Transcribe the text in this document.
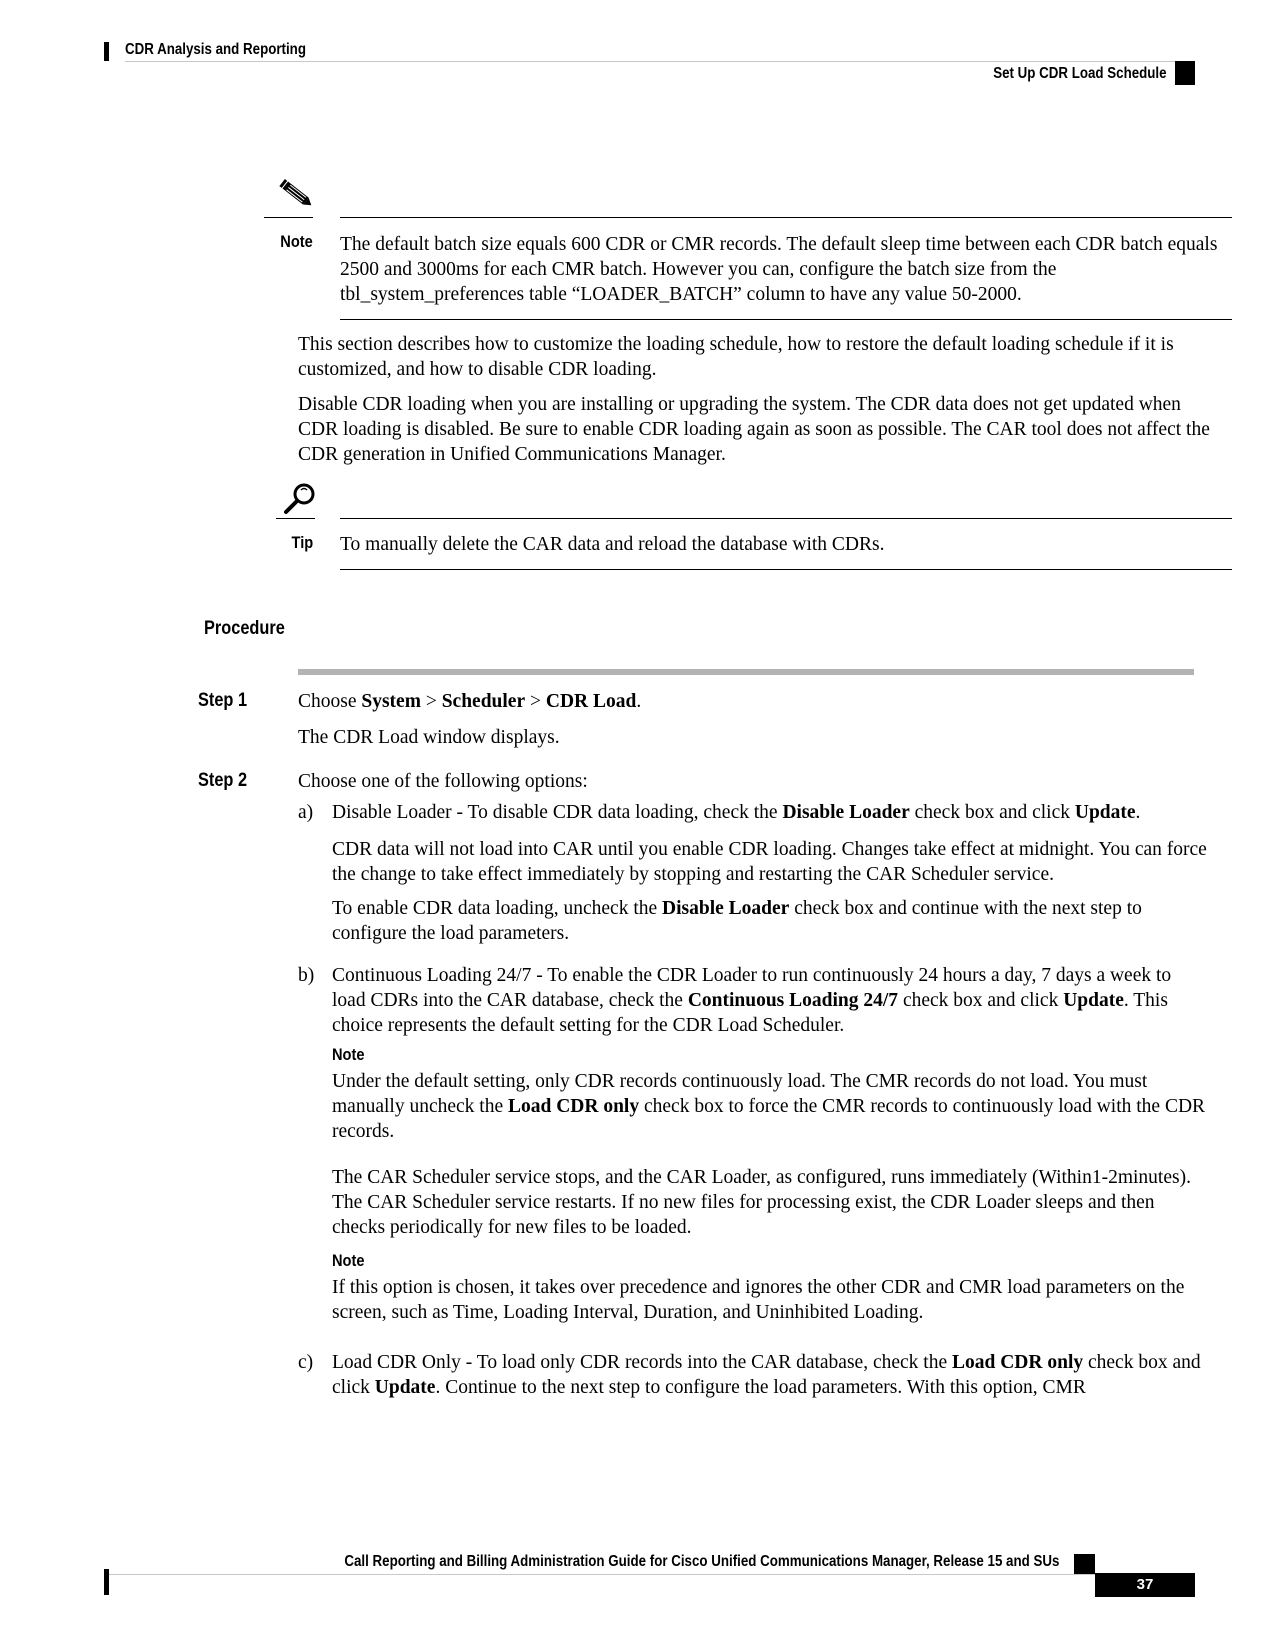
CDR Analysis and Reporting
Set Up CDR Load Schedule
Note The default batch size equals 600 CDR or CMR records. The default sleep time between each CDR batch equals 2500 and 3000ms for each CMR batch. However you can, configure the batch size from the tbl_system_preferences table “LOADER_BATCH” column to have any value 50-2000.

This section describes how to customize the loading schedule, how to restore the default loading schedule if it is customized, and how to disable CDR loading.

Disable CDR loading when you are installing or upgrading the system. The CDR data does not get updated when CDR loading is disabled. Be sure to enable CDR loading again as soon as possible. The CAR tool does not affect the CDR generation in Unified Communications Manager.

Tip To manually delete the CAR data and reload the database with CDRs.
Procedure
Step 1	Choose System > Scheduler > CDR Load.
The CDR Load window displays.
Step 2	Choose one of the following options:
a) Disable Loader - To disable CDR data loading, check the Disable Loader check box and click Update.
CDR data will not load into CAR until you enable CDR loading. Changes take effect at midnight. You can force the change to take effect immediately by stopping and restarting the CAR Scheduler service.
To enable CDR data loading, uncheck the Disable Loader check box and continue with the next step to configure the load parameters.
b) Continuous Loading 24/7 - To enable the CDR Loader to run continuously 24 hours a day, 7 days a week to load CDRs into the CAR database, check the Continuous Loading 24/7 check box and click Update. This choice represents the default setting for the CDR Load Scheduler.
Note
Under the default setting, only CDR records continuously load. The CMR records do not load. You must manually uncheck the Load CDR only check box to force the CMR records to continuously load with the CDR records.
The CAR Scheduler service stops, and the CAR Loader, as configured, runs immediately (Within1-2minutes). The CAR Scheduler service restarts. If no new files for processing exist, the CDR Loader sleeps and then checks periodically for new files to be loaded.
Note
If this option is chosen, it takes over precedence and ignores the other CDR and CMR load parameters on the screen, such as Time, Loading Interval, Duration, and Uninhibited Loading.
c) Load CDR Only - To load only CDR records into the CAR database, check the Load CDR only check box and click Update. Continue to the next step to configure the load parameters. With this option, CMR
Call Reporting and Billing Administration Guide for Cisco Unified Communications Manager, Release 15 and SUs
37
